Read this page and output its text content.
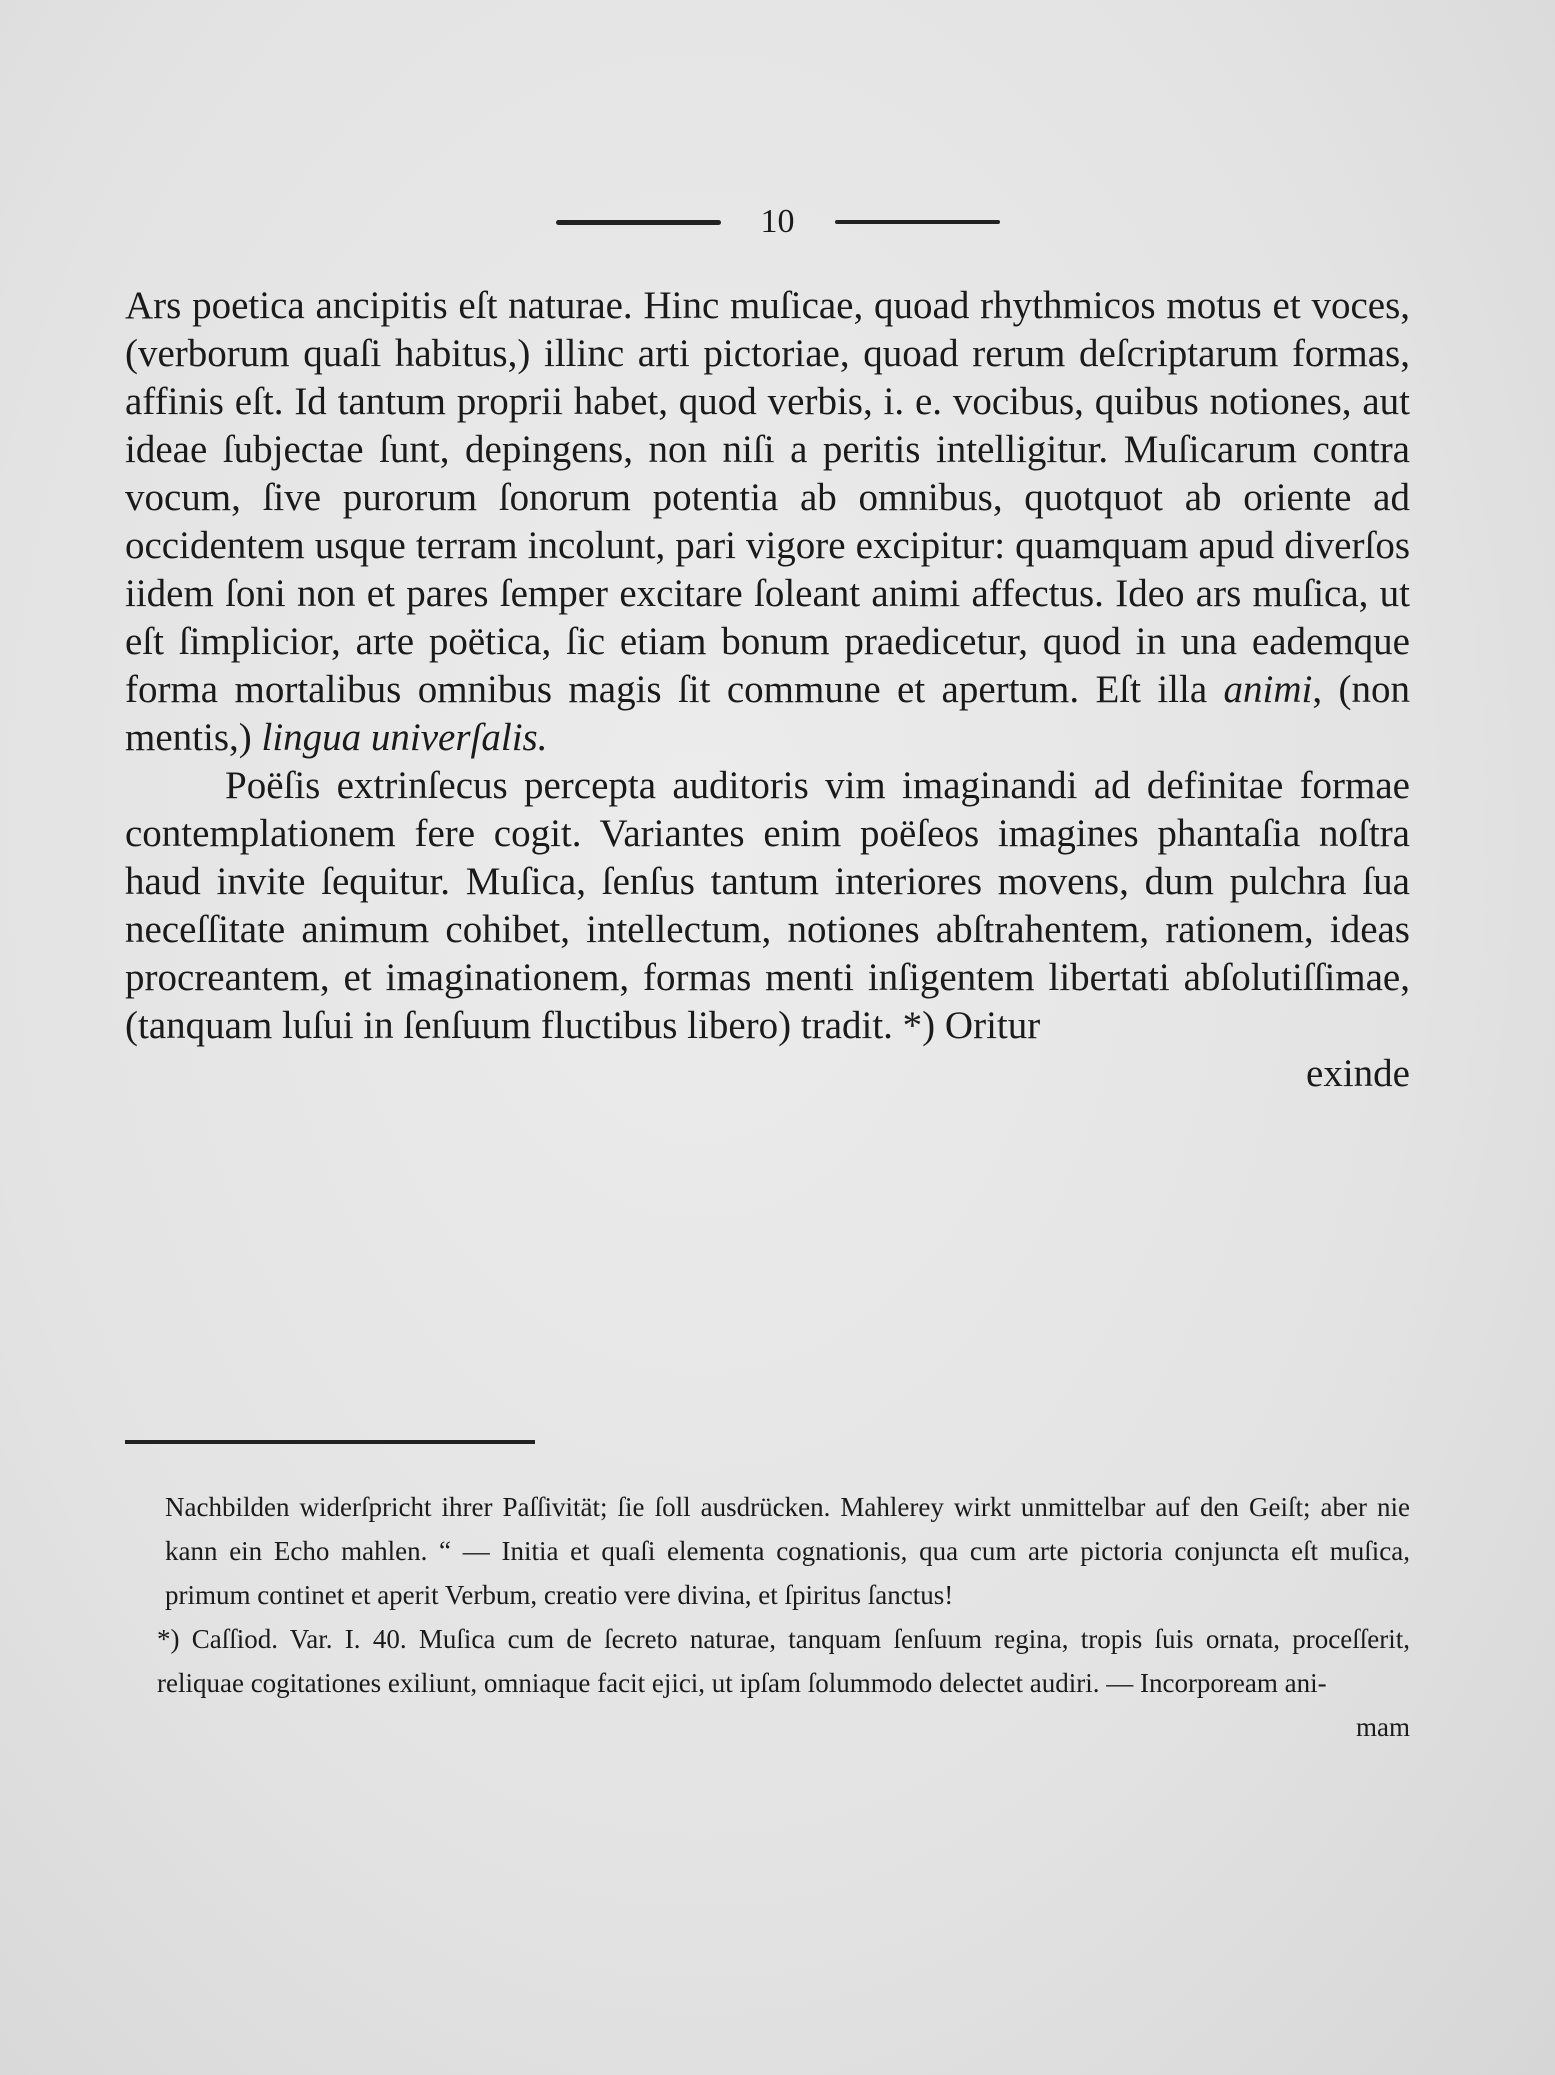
10

Ars poetica ancipitis eſt naturae. Hinc muſicae, quoad rhythmicos motus et voces, (verborum quaſi habitus,) illinc arti pictoriae, quoad rerum deſcriptarum formas, affinis eſt. Id tantum proprii habet, quod verbis, i. e. vocibus, quibus notiones, aut ideae ſubjectae ſunt, depingens, non niſi a peritis intelligitur. Muſicarum contra vocum, ſive purorum ſonorum potentia ab omnibus, quotquot ab oriente ad occidentem usque terram incolunt, pari vigore excipitur: quamquam apud diverſos iidem ſoni non et pares ſemper excitare ſoleant animi affectus. Ideo ars muſica, ut eſt ſimplicior, arte poëtica, ſic etiam bonum praedicetur, quod in una eademque forma mortalibus omnibus magis ſit commune et apertum. Eſt illa animi, (non mentis,) lingua univerſalis.

Poëſis extrinſecus percepta auditoris vim imaginandi ad definitae formae contemplationem fere cogit. Variantes enim poëſeos imagines phantaſia noſtra haud invite ſequitur. Muſica, ſenſus tantum interiores movens, dum pulchra ſua neceſſitate animum cohibet, intellectum, notiones abſtrahentem, rationem, ideas procreantem, et imaginationem, formas menti inſigentem libertati abſolutiſſimae, (tanquam luſui in ſenſuum fluctibus libero) tradit. *) Oritur
exinde

Nachbilden widerſpricht ihrer Paſſivität; ſie ſoll ausdrücken. Mahlerey wirkt unmittelbar auf den Geiſt; aber nie kann ein Echo mahlen. “ — Initia et quaſi elementa cognationis, qua cum arte pictoria conjuncta eſt muſica, primum continet et aperit Verbum, creatio vere divina, et ſpiritus ſanctus!

*) Caſſiod. Var. I. 40. Muſica cum de ſecreto naturae, tanquam ſenſuum regina, tropis ſuis ornata, proceſſerit, reliquae cogitationes exiliunt, omniaque facit ejici, ut ipſam ſolummodo delectet audiri. — Incorpoream ani-
mam
